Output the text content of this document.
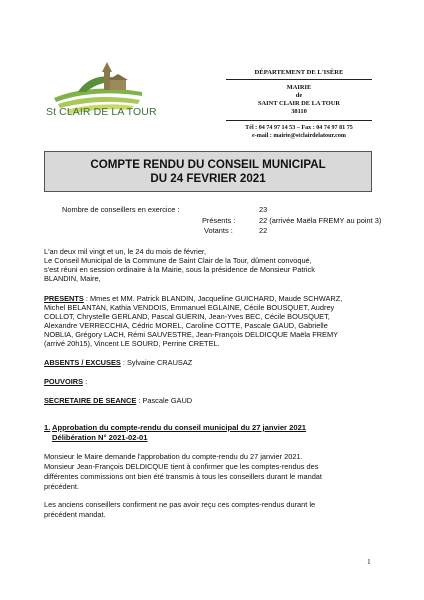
St CLAIR DE LA TOUR
DÉPARTEMENT DE L'ISÈRE
MAIRIE
de
SAINT CLAIR DE LA TOUR
38110
Tél : 04 74 97 14 53 – Fax : 04 74 97 81 75
e-mail : mairie@stclairdelatour.com
COMPTE RENDU DU CONSEIL MUNICIPAL
DU 24 FEVRIER 2021
Nombre de conseillers en exercice :	23
Présents :	22 (arrivée Maëla FREMY au point 3)
Votants :	22
L'an deux mil vingt et un, le 24 du mois de février,
Le Conseil Municipal de la Commune de Saint Clair de la Tour, dûment convoqué,
s'est réuni en session ordinaire à la Mairie, sous la présidence de Monsieur Patrick
BLANDIN, Maire,
PRESENTS : Mmes et MM. Patrick BLANDIN, Jacqueline GUICHARD, Maude SCHWARZ,
Michel BELANTAN, Kathia VENDOIS, Emmanuel EGLAINE, Cécile BOUSQUET, Audrey
COLLOT, Chrystelle GERLAND, Pascal GUERIN, Jean-Yves BEC, Cécile BOUSQUET,
Alexandre VERRECCHIA, Cédric MOREL, Caroline COTTE, Pascale GAUD, Gabrielle
NOBLIA, Grégory LACH, Rémi SAUVESTRE, Jean-François DELDICQUE Maëla FREMY
(arrivé 20h15), Vincent LE SOURD, Perrine CRETEL.
ABSENTS / EXCUSES : Sylvaine CRAUSAZ
POUVOIRS :
SECRETAIRE DE SEANCE : Pascale GAUD
1. Approbation du compte-rendu du conseil municipal du 27 janvier 2021
Délibération N° 2021-02-01
Monsieur le Maire demande l'approbation du compte-rendu du 27 janvier 2021.
Monsieur Jean-François DELDICQUE tient à confirmer que les comptes-rendus des
différentes commissions ont bien été transmis à tous les conseillers durant le mandat
précédent.
Les anciens conseillers confirment ne pas avoir reçu ces comptes-rendus durant le
précédent mandat.
1
